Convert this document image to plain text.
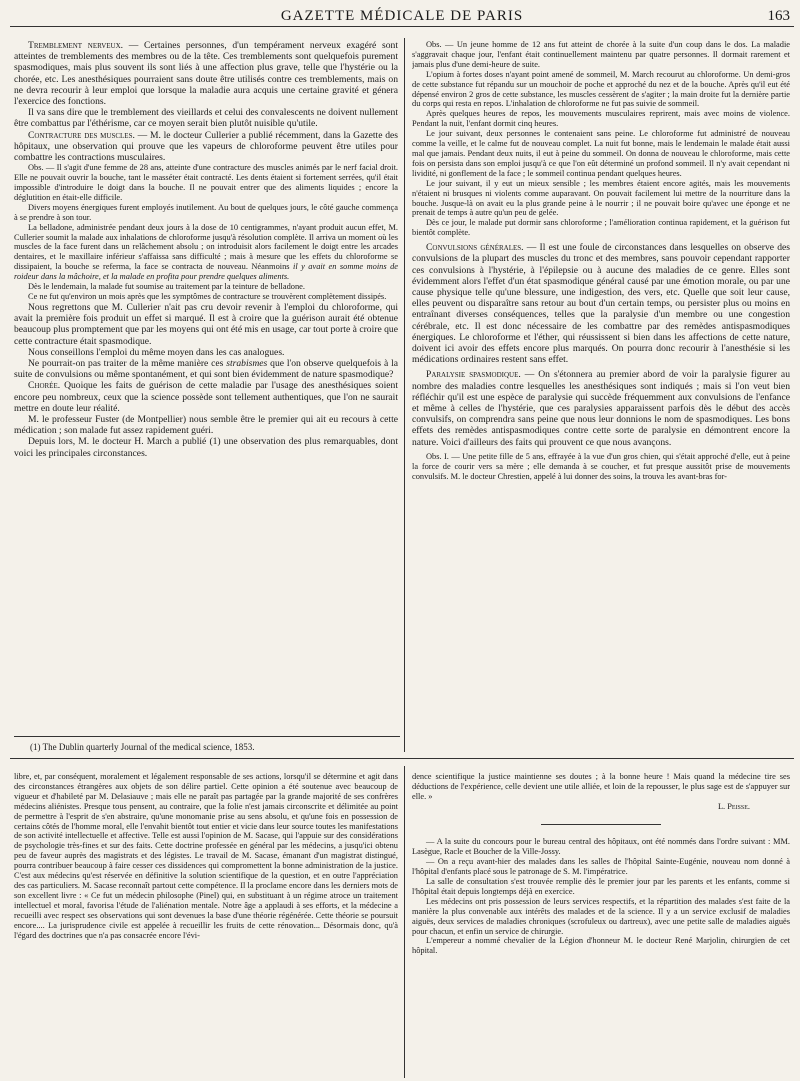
GAZETTE MÉDICALE DE PARIS	163

Tremblement nerveux. — Certaines personnes, d'un tempérament nerveux exagéré sont atteintes de tremblements des membres ou de la tête. Ces tremblements sont quelquefois purement spasmodiques, mais plus souvent ils sont liés à une affection plus grave, telle que l'hystérie ou la chorée, etc. Les anesthésiques pourraient sans doute être utilisés contre ces tremblements, mais on ne devra recourir à leur emploi que lorsque la maladie aura acquis une certaine gravité et génera l'exercice des fonctions.

Il va sans dire que le tremblement des vieillards et celui des convalescents ne doivent nullement être combattus par l'éthérisme, car ce moyen serait bien plutôt nuisible qu'utile.

Contracture des muscles. — M. le docteur Cullerier a publié récemment, dans la Gazette des hôpitaux, une observation qui prouve que les vapeurs de chloroforme peuvent être utiles pour combattre les contractions musculaires.

Obs. — Il s'agit d'une femme de 28 ans, atteinte d'une contracture des muscles animés par le nerf facial droit. Elle ne pouvait ouvrir la bouche, tant le masséter était contracté. Les dents étaient si fortement serrées, qu'il était impossible d'introduire le doigt dans la bouche. Il ne pouvait entrer que des aliments liquides ; encore la déglutition en était-elle difficile.

Divers moyens énergiques furent employés inutilement. Au bout de quelques jours, le côté gauche commença à se prendre à son tour.

La belladone, administrée pendant deux jours à la dose de 10 centigrammes, n'ayant produit aucun effet, M. Cullerier soumit la malade aux inhalations de chloroforme jusqu'à résolution complète. Il arriva un moment où les muscles de la face furent dans un relâchement absolu ; on introduisit alors facilement le doigt entre les arcades dentaires, et le maxillaire inférieur s'affaissa sans difficulté ; mais à mesure que les effets du chloroforme se dissipaient, la bouche se referma, la face se contracta de nouveau. Néanmoins il y avait en somme moins de roideur dans la mâchoire, et la malade en profita pour prendre quelques aliments.

Dès le lendemain, la malade fut soumise au traitement par la teinture de belladone.

Ce ne fut qu'environ un mois après que les symptômes de contracture se trouvèrent complètement dissipés.

Nous regrettons que M. Cullerier n'ait pas cru devoir revenir à l'emploi du chloroforme, qui avait la première fois produit un effet si marqué. Il est à croire que la guérison aurait été obtenue beaucoup plus promptement que par les moyens qui ont été mis en usage, car tout porte à croire que cette contracture était spasmodique.

Nous conseillons l'emploi du même moyen dans les cas analogues.

Ne pourrait-on pas traiter de la même manière ces strabismes que l'on observe quelquefois à la suite de convulsions ou même spontanément, et qui sont bien évidemment de nature spasmodique?

Chorée. Quoique les faits de guérison de cette maladie par l'usage des anesthésiques soient encore peu nombreux, ceux que la science possède sont tellement authentiques, que l'on ne saurait mettre en doute leur réalité.

M. le professeur Fuster (de Montpellier) nous semble être le premier qui ait eu recours à cette médication ; son malade fut assez rapidement guéri.

Depuis lors, M. le docteur H. March a publié (1) une observation des plus remarquables, dont voici les principales circonstances.

(1) The Dublin quarterly Journal of the medical science, 1853.

Obs. — Un jeune homme de 12 ans fut atteint de chorée à la suite d'un coup dans le dos. La maladie s'aggravait chaque jour, l'enfant était continuellement maintenu par quatre personnes. Il dormait rarement et jamais plus d'une demi-heure de suite.

L'opium à fortes doses n'ayant point amené de sommeil, M. March recourut au chloroforme. Un demi-gros de cette substance fut répandu sur un mouchoir de poche et approché du nez et de la bouche. Après qu'il eut été dépensé environ 2 gros de cette substance, les muscles cessèrent de s'agiter ; la main droite fut la dernière partie du corps qui resta en repos. L'inhalation de chloroforme ne fut pas suivie de sommeil.

Après quelques heures de repos, les mouvements musculaires reprirent, mais avec moins de violence. Pendant la nuit, l'enfant dormit cinq heures.

Le jour suivant, deux personnes le contenaient sans peine. Le chloroforme fut administré de nouveau comme la veille, et le calme fut de nouveau complet. La nuit fut bonne, mais le lendemain le malade était aussi mal que jamais. Pendant deux nuits, il eut à peine du sommeil. On donna de nouveau le chloroforme, mais cette fois on persista dans son emploi jusqu'à ce que l'on eût déterminé un profond sommeil. Il n'y avait cependant ni lividité, ni gonflement de la face ; le sommeil continua pendant quelques heures.

Le jour suivant, il y eut un mieux sensible ; les membres étaient encore agités, mais les mouvements n'étaient ni brusques ni violents comme auparavant. On pouvait facilement lui mettre de la nourriture dans la bouche. Jusque-là on avait eu la plus grande peine à le nourrir ; il ne pouvait boire qu'avec une éponge et ne prenait de temps à autre qu'un peu de gelée.

Dès ce jour, le malade put dormir sans chloroforme ; l'amélioration continua rapidement, et la guérison fut bientôt complète.

Convulsions générales. — Il est une foule de circonstances dans lesquelles on observe des convulsions de la plupart des muscles du tronc et des membres, sans pouvoir cependant rapporter ces convulsions à l'hystérie, à l'épilepsie ou à aucune des maladies de ce genre. Elles sont évidemment alors l'effet d'un état spasmodique général causé par une émotion morale, ou par une cause physique telle qu'une blessure, une indigestion, des vers, etc. Quelle que soit leur cause, elles peuvent ou disparaître sans retour au bout d'un certain temps, ou persister plus ou moins en entraînant diverses conséquences, telles que la paralysie d'un membre ou une congestion cérébrale, etc. Il est donc nécessaire de les combattre par des remèdes antispasmodiques énergiques. Le chloroforme et l'éther, qui réussissent si bien dans les affections de cette nature, doivent ici avoir des effets encore plus marqués. On pourra donc recourir à l'anesthésie si les médications ordinaires restent sans effet.

Paralysie spasmodique. — On s'étonnera au premier abord de voir la paralysie figurer au nombre des maladies contre lesquelles les anesthésiques sont indiqués ; mais si l'on veut bien réfléchir qu'il est une espèce de paralysie qui succède fréquemment aux convulsions de l'enfance et même à celles de l'hystérie, que ces paralysies apparaissent parfois dès le début des accès convulsifs, on comprendra sans peine que nous leur donnions le nom de spasmodiques. Les bons effets des remèdes antispasmodiques contre cette sorte de paralysie en démontrent encore la nature. Voici d'ailleurs des faits qui prouvent ce que nous avançons.

Obs. I. — Une petite fille de 5 ans, effrayée à la vue d'un gros chien, qui s'était approché d'elle, eut à peine la force de courir vers sa mère ; elle demanda à se coucher, et fut presque aussitôt prise de mouvements convulsifs. M. le docteur Chrestien, appelé à lui donner des soins, la trouva les avant-bras for-

libre, et, par conséquent, moralement et légalement responsable de ses actions, lorsqu'il se détermine et agit dans des circonstances étrangères aux objets de son délire partiel. Cette opinion a été soutenue avec beaucoup de vigueur et d'habileté par M. Delasiauve ; mais elle ne paraît pas partagée par la grande majorité de ses confrères médecins aliénistes. Presque tous pensent, au contraire, que la folie n'est jamais circonscrite et délimitée au point de permettre à l'esprit de s'en abstraire, qu'une monomanie prise au sens absolu, et qu'une fois en possession de certains côtés de l'homme moral, elle l'envahit bientôt tout entier et vicie dans leur source toutes les manifestations de son activité intellectuelle et affective. Telle est aussi l'opinion de M. Sacase, qui l'appuie sur des considérations de psychologie très-fines et sur des faits. Cette doctrine professée en général par les médecins, a jusqu'ici obtenu peu de faveur auprès des magistrats et des légistes. Le travail de M. Sacase, émanant d'un magistrat distingué, pourra contribuer beaucoup à faire cesser ces dissidences qui compromettent la bonne administration de la justice. C'est aux médecins qu'est réservée en définitive la solution scientifique de la question, et en outre l'appréciation des cas particuliers. M. Sacase reconnaît partout cette compétence. Il la proclame encore dans les derniers mots de son excellent livre : « Ce fut un médecin philosophe (Pinel) qui, en substituant à un régime atroce un traitement intellectuel et moral, favorisa l'étude de l'aliénation mentale. Notre âge a applaudi à ses efforts, et la médecine a recueilli avec respect ses observations qui sont devenues la base d'une théorie régénérée. Cette théorie se poursuit encore.... La jurisprudence civile est appelée à recueillir les fruits de cette rénovation... Désormais donc, qu'à l'égard des doctrines que n'a pas consacrée encore l'évi-

dence scientifique la justice maintienne ses doutes ; à la bonne heure ! Mais quand la médecine tire ses déductions de l'expérience, celle devient une utile alliée, et loin de la repousser, le plus sage est de s'appuyer sur elle. »

L. Peisse.

— A la suite du concours pour le bureau central des hôpitaux, ont été nommés dans l'ordre suivant : MM. Lasègue, Racle et Boucher de la Ville-Jossy.

— On a reçu avant-hier des malades dans les salles de l'hôpital Sainte-Eugénie, nouveau nom donné à l'hôpital d'enfants placé sous le patronage de S. M. l'impératrice.

La salle de consultation s'est trouvée remplie dès le premier jour par les parents et les enfants, comme si l'hôpital était depuis longtemps déjà en exercice.

Les médecins ont pris possession de leurs services respectifs, et la répartition des malades s'est faite de la manière la plus convenable aux intérêts des malades et de la science. Il y a un service exclusif de maladies aiguës, deux services de maladies chroniques (scrofuleux ou dartreux), avec une petite salle de maladies aiguës pour chacun, et enfin un service de chirurgie.

L'empereur a nommé chevalier de la Légion d'honneur M. le docteur René Marjolin, chirurgien de cet hôpital.
